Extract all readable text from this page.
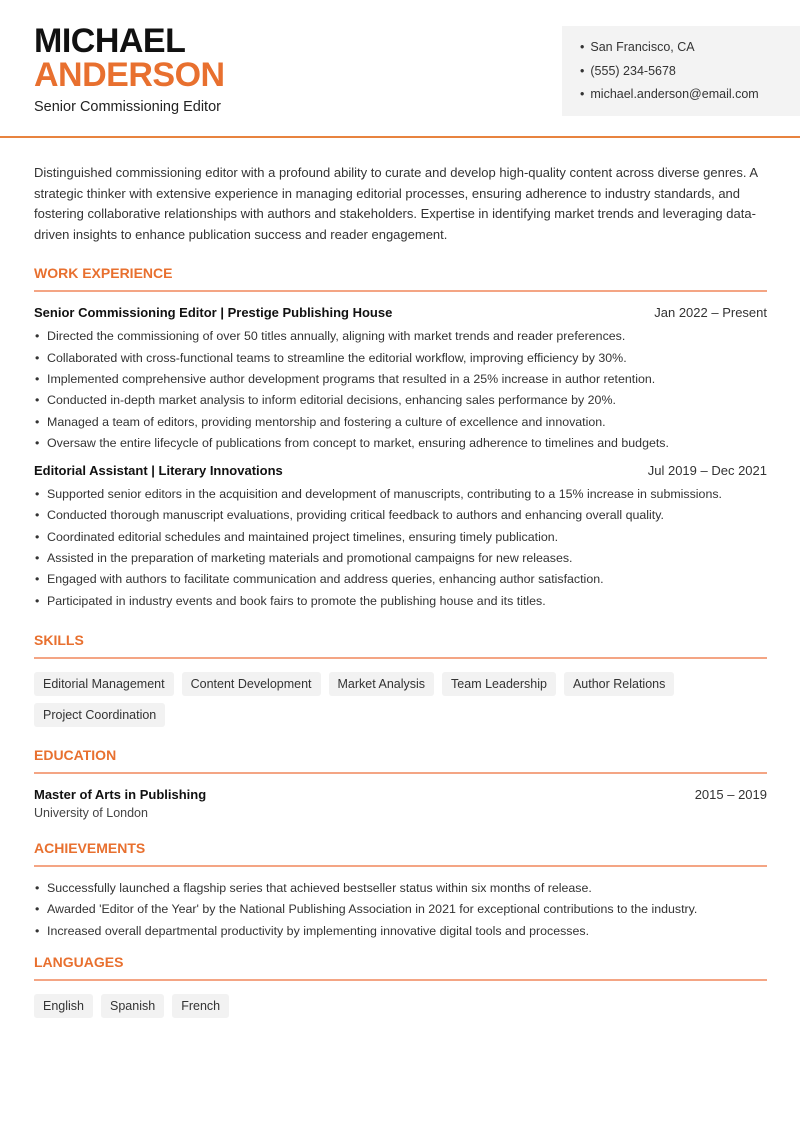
MICHAEL
ANDERSON
Senior Commissioning Editor
• San Francisco, CA
• (555) 234-5678
• michael.anderson@email.com

Distinguished commissioning editor with a profound ability to curate and develop high-quality content across diverse genres. A strategic thinker with extensive experience in managing editorial processes, ensuring adherence to industry standards, and fostering collaborative relationships with authors and stakeholders. Expertise in identifying market trends and leveraging data-driven insights to enhance publication success and reader engagement.

WORK EXPERIENCE
Senior Commissioning Editor | Prestige Publishing House	Jan 2022 – Present
• Directed the commissioning of over 50 titles annually, aligning with market trends and reader preferences.
• Collaborated with cross-functional teams to streamline the editorial workflow, improving efficiency by 30%.
• Implemented comprehensive author development programs that resulted in a 25% increase in author retention.
• Conducted in-depth market analysis to inform editorial decisions, enhancing sales performance by 20%.
• Managed a team of editors, providing mentorship and fostering a culture of excellence and innovation.
• Oversaw the entire lifecycle of publications from concept to market, ensuring adherence to timelines and budgets.
Editorial Assistant | Literary Innovations	Jul 2019 – Dec 2021
• Supported senior editors in the acquisition and development of manuscripts, contributing to a 15% increase in submissions.
• Conducted thorough manuscript evaluations, providing critical feedback to authors and enhancing overall quality.
• Coordinated editorial schedules and maintained project timelines, ensuring timely publication.
• Assisted in the preparation of marketing materials and promotional campaigns for new releases.
• Engaged with authors to facilitate communication and address queries, enhancing author satisfaction.
• Participated in industry events and book fairs to promote the publishing house and its titles.
SKILLS
Editorial Management	Content Development	Market Analysis	Team Leadership	Author Relations
Project Coordination
EDUCATION
Master of Arts in Publishing	2015 – 2019
University of London
ACHIEVEMENTS
• Successfully launched a flagship series that achieved bestseller status within six months of release.
• Awarded 'Editor of the Year' by the National Publishing Association in 2021 for exceptional contributions to the industry.
• Increased overall departmental productivity by implementing innovative digital tools and processes.
LANGUAGES
English	Spanish	French
